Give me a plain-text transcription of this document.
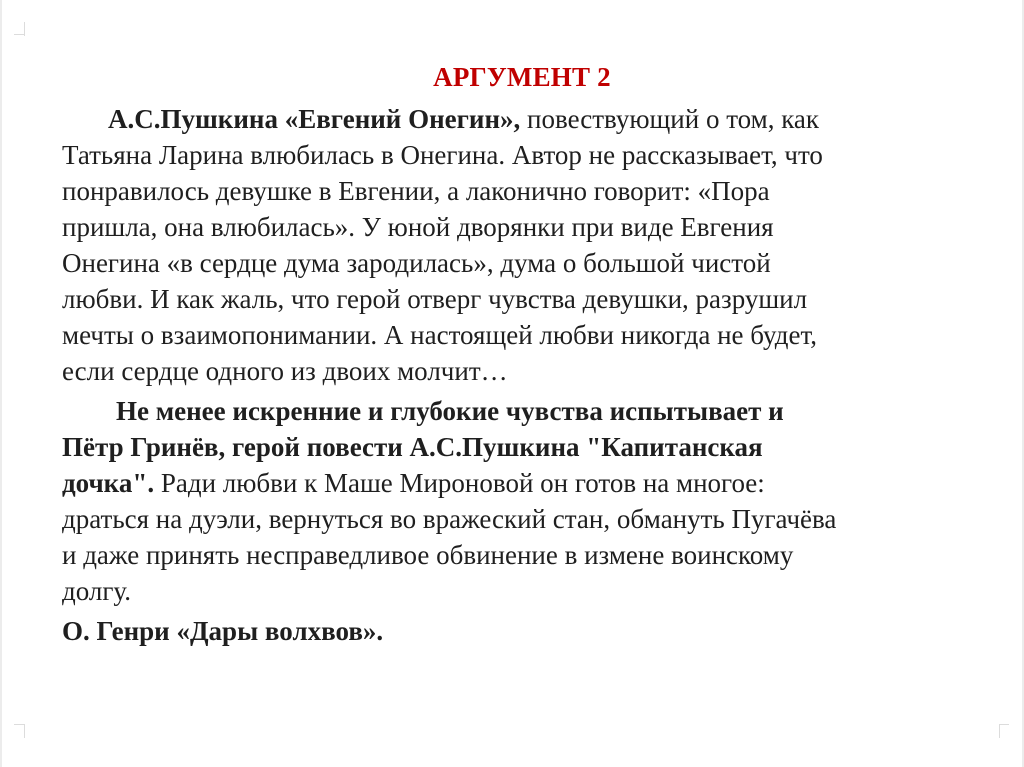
АРГУМЕНТ 2
А.С.Пушкина «Евгений Онегин», повествующий о том, как
Татьяна Ларина влюбилась в Онегина. Автор не рассказывает, что
понравилось девушке в Евгении, а лаконично говорит: «Пора
пришла, она влюбилась». У юной дворянки при виде Евгения
Онегина «в сердце дума зародилась», дума о большой чистой
любви. И как жаль, что герой отверг чувства девушки, разрушил
мечты о взаимопонимании. А настоящей любви никогда не будет,
если сердце одного из двоих молчит…
Не менее искренние и глубокие чувства испытывает и
Пётр Гринёв, герой повести А.С.Пушкина "Капитанская
дочка". Ради любви к Маше Мироновой он готов на многое:
драться на дуэли, вернуться во вражеский стан, обмануть Пугачёва
и даже принять несправедливое обвинение в измене воинскому
долгу.
О. Генри «Дары волхвов».
